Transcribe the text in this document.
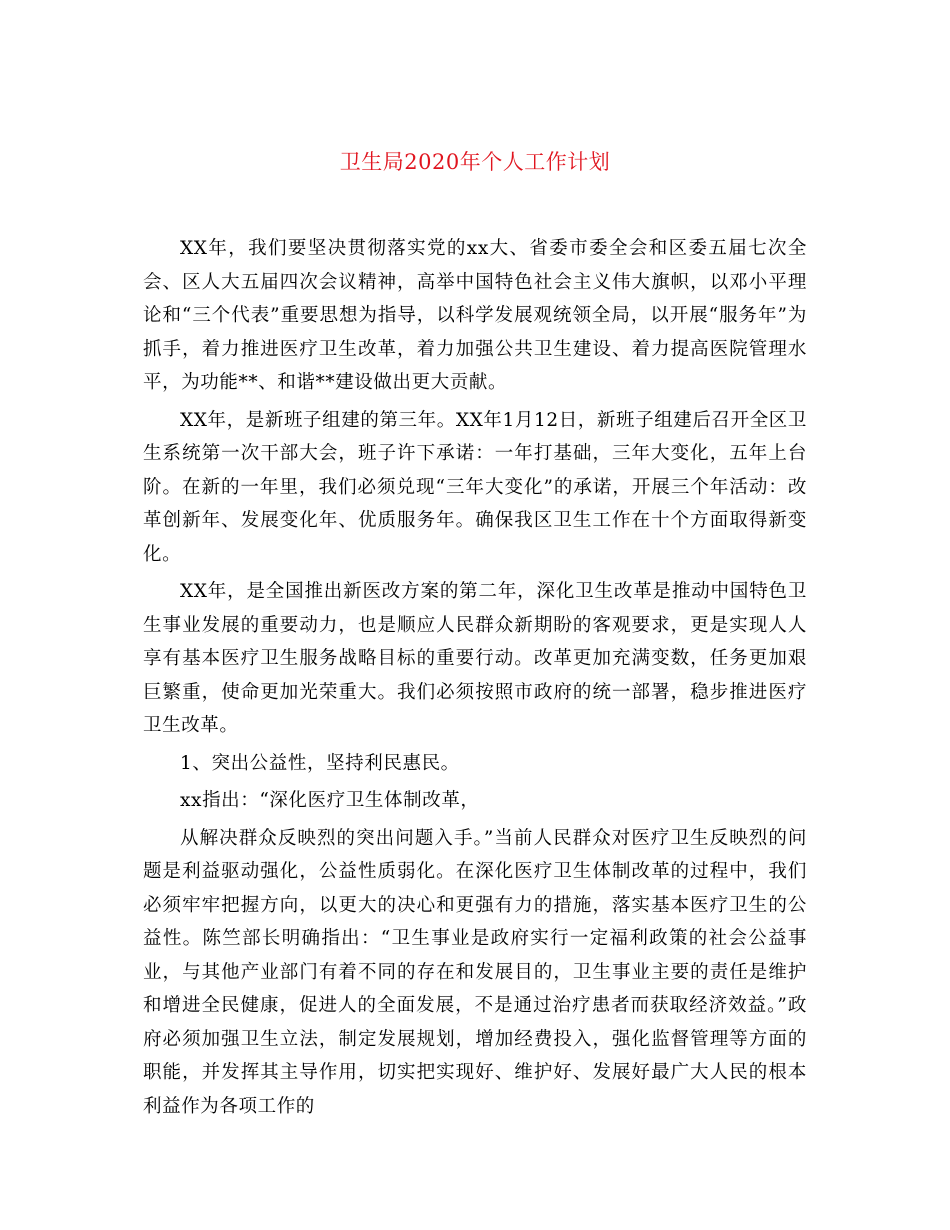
卫生局2020年个人工作计划

XX年，我们要坚决贯彻落实党的xx大、省委市委全会和区委五届七次全会、区人大五届四次会议精神，高举中国特色社会主义伟大旗帜，以邓小平理论和“三个代表”重要思想为指导，以科学发展观统领全局，以开展“服务年”为抓手，着力推进医疗卫生改革，着力加强公共卫生建设、着力提高医院管理水平，为功能**、和谐**建设做出更大贡献。

XX年，是新班子组建的第三年。XX年1月12日，新班子组建后召开全区卫生系统第一次干部大会，班子许下承诺：一年打基础，三年大变化，五年上台阶。在新的一年里，我们必须兑现“三年大变化”的承诺，开展三个年活动：改革创新年、发展变化年、优质服务年。确保我区卫生工作在十个方面取得新变化。

XX年，是全国推出新医改方案的第二年，深化卫生改革是推动中国特色卫生事业发展的重要动力，也是顺应人民群众新期盼的客观要求，更是实现人人享有基本医疗卫生服务战略目标的重要行动。改革更加充满变数，任务更加艰巨繁重，使命更加光荣重大。我们必须按照市政府的统一部署，稳步推进医疗卫生改革。

1、突出公益性，坚持利民惠民。

xx指出：“深化医疗卫生体制改革，

从解决群众反映烈的突出问题入手。”当前人民群众对医疗卫生反映烈的问题是利益驱动强化，公益性质弱化。在深化医疗卫生体制改革的过程中，我们必须牢牢把握方向，以更大的决心和更强有力的措施，落实基本医疗卫生的公益性。陈竺部长明确指出：“卫生事业是政府实行一定福利政策的社会公益事业，与其他产业部门有着不同的存在和发展目的，卫生事业主要的责任是维护和增进全民健康，促进人的全面发展，不是通过治疗患者而获取经济效益。”政府必须加强卫生立法，制定发展规划，增加经费投入，强化监督管理等方面的职能，并发挥其主导作用，切实把实现好、维护好、发展好最广大人民的根本利益作为各项工作的
